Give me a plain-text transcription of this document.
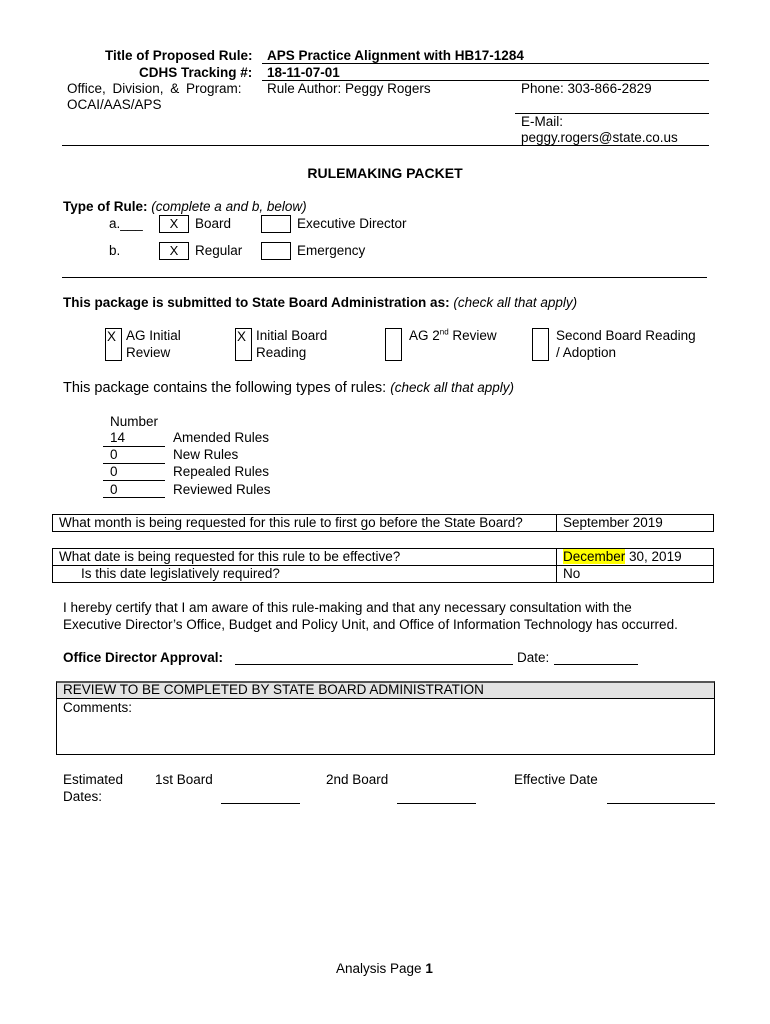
Title of Proposed Rule: APS Practice Alignment with HB17-1284
CDHS Tracking #: 18-11-07-01
Office, Division, & Program:
OCAI/AAS/APS
Rule Author: Peggy Rogers	Phone: 303-866-2829
E-Mail:
peggy.rogers@state.co.us
RULEMAKING PACKET
Type of Rule: (complete a and b, below)
a.___	X	Board	Executive Director
b.	X	Regular	Emergency
This package is submitted to State Board Administration as: (check all that apply)
X AG Initial
Review
X Initial Board
Reading
AG 2nd Review	Second Board Reading
/ Adoption
This package contains the following types of rules: (check all that apply)
Number
14	Amended Rules
0	New Rules
0	Repealed Rules
0	Reviewed Rules
What month is being requested for this rule to first go before the State Board?	September 2019
What date is being requested for this rule to be effective?	December 30, 2019
Is this date legislatively required?	No
I hereby certify that I am aware of this rule-making and that any necessary consultation with the
Executive Director’s Office, Budget and Policy Unit, and Office of Information Technology has occurred.
Office Director Approval:	Date:
REVIEW TO BE COMPLETED BY STATE BOARD ADMINISTRATION
Comments:
Estimated
Dates:
1st Board	2nd Board	Effective Date
Analysis Page 1
